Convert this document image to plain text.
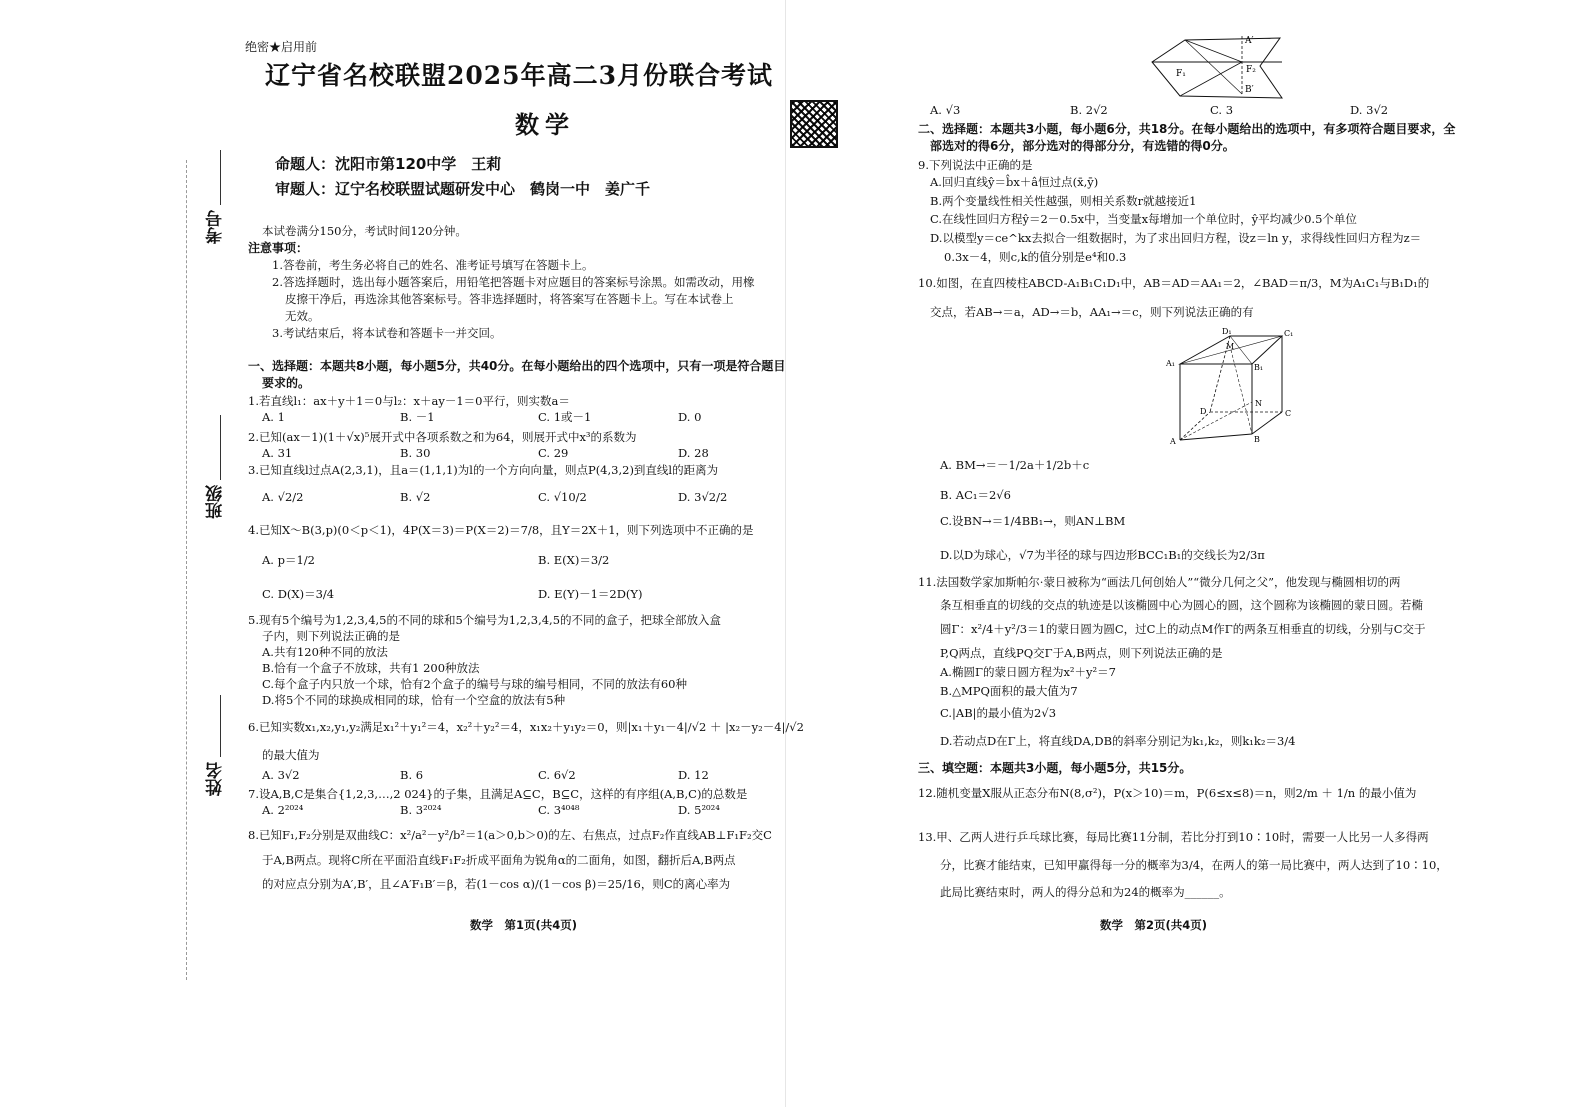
考号
班级
姓名
绝密★启用前
辽宁省名校联盟2025年高二3月份联合考试
数学
命题人：沈阳市第120中学　王莉
审题人：辽宁名校联盟试题研发中心　鹤岗一中　姜广千
本试卷满分150分，考试时间120分钟。
注意事项：
1.答卷前，考生务必将自己的姓名、准考证号填写在答题卡上。
2.答选择题时，选出每小题答案后，用铅笔把答题卡对应题目的答案标号涂黑。如需改动，用橡
皮擦干净后，再选涂其他答案标号。答非选择题时，将答案写在答题卡上。写在本试卷上
无效。
3.考试结束后，将本试卷和答题卡一并交回。
一、选择题：本题共8小题，每小题5分，共40分。在每小题给出的四个选项中，只有一项是符合题目
要求的。
1.若直线l₁：ax＋y＋1＝0与l₂：x＋ay－1＝0平行，则实数a＝
A. 1	B. －1	C. 1或－1	D. 0
2.已知(ax－1)(1＋√x)⁵展开式中各项系数之和为64，则展开式中x³的系数为
A. 31	B. 30	C. 29	D. 28
3.已知直线l过点A(2,3,1)，且a＝(1,1,1)为l的一个方向向量，则点P(4,3,2)到直线l的距离为
A. √2/2	B. √2	C. √10/2	D. 3√2/2
4.已知X～B(3,p)(0＜p＜1)，4P(X＝3)＝P(X＝2)＝7/8，且Y＝2X＋1，则下列选项中不正确的是
A. p＝1/2	B. E(X)＝3/2
C. D(X)＝3/4	D. E(Y)－1＝2D(Y)
5.现有5个编号为1,2,3,4,5的不同的球和5个编号为1,2,3,4,5的不同的盒子，把球全部放入盒
子内，则下列说法正确的是
A.共有120种不同的放法
B.恰有一个盒子不放球，共有1 200种放法
C.每个盒子内只放一个球，恰有2个盒子的编号与球的编号相同，不同的放法有60种
D.将5个不同的球换成相同的球，恰有一个空盒的放法有5种
6.已知实数x₁,x₂,y₁,y₂满足x₁²＋y₁²＝4，x₂²＋y₂²＝4，x₁x₂＋y₁y₂＝0，则|x₁＋y₁－4|/√2 ＋ |x₂－y₂－4|/√2
的最大值为
A. 3√2	B. 6	C. 6√2	D. 12
7.设A,B,C是集合{1,2,3,…,2 024}的子集，且满足A⊆C，B⊆C，这样的有序组(A,B,C)的总数是
A. 2²⁰²⁴	B. 3²⁰²⁴	C. 3⁴⁰⁴⁸	D. 5²⁰²⁴
8.已知F₁,F₂分别是双曲线C：x²/a²－y²/b²＝1(a＞0,b＞0)的左、右焦点，过点F₂作直线AB⊥F₁F₂交C
于A,B两点。现将C所在平面沿直线F₁F₂折成平面角为锐角α的二面角，如图，翻折后A,B两点
的对应点分别为A′,B′，且∠A′F₁B′＝β，若(1－cos α)/(1－cos β)＝25/16，则C的离心率为
数学　第1页(共4页)
F₁	F₂
A′
B′
A. √3	B. 2√2	C. 3	D. 3√2
二、选择题：本题共3小题，每小题6分，共18分。在每小题给出的选项中，有多项符合题目要求，全
部选对的得6分，部分选对的得部分分，有选错的得0分。
9.下列说法中正确的是
A.回归直线ŷ＝b̂x＋â恒过点(x̄,ȳ)
B.两个变量线性相关性越强，则相关系数r就越接近1
C.在线性回归方程ŷ＝2－0.5x中，当变量x每增加一个单位时，ŷ平均减少0.5个单位
D.以模型y＝ce^kx去拟合一组数据时，为了求出回归方程，设z＝ln y，求得线性回归方程为z＝
0.3x－4，则c,k的值分别是e⁴和0.3
10.如图，在直四棱柱ABCD-A₁B₁C₁D₁中，AB＝AD＝AA₁＝2，∠BAD＝π/3，M为A₁C₁与B₁D₁的
交点，若AB→＝a，AD→＝b，AA₁→＝c，则下列说法正确的有
D₁	C₁
A₁	B₁
M
D	C
A	B
N
A. BM→＝－1/2a＋1/2b＋c
B. AC₁＝2√6
C.设BN→＝1/4BB₁→，则AN⊥BM
D.以D为球心，√7为半径的球与四边形BCC₁B₁的交线长为2/3π
11.法国数学家加斯帕尔·蒙日被称为“画法几何创始人”“微分几何之父”，他发现与椭圆相切的两
条互相垂直的切线的交点的轨迹是以该椭圆中心为圆心的圆，这个圆称为该椭圆的蒙日圆。若椭
圆Γ：x²/4＋y²/3＝1的蒙日圆为圆C，过C上的动点M作Γ的两条互相垂直的切线，分别与C交于
P,Q两点，直线PQ交Γ于A,B两点，则下列说法正确的是
A.椭圆Γ的蒙日圆方程为x²＋y²＝7
B.△MPQ面积的最大值为7
C.|AB|的最小值为2√3
D.若动点D在Γ上，将直线DA,DB的斜率分别记为k₁,k₂，则k₁k₂＝3/4
三、填空题：本题共3小题，每小题5分，共15分。
12.随机变量X服从正态分布N(8,σ²)，P(x＞10)＝m，P(6≤x≤8)＝n，则2/m ＋ 1/n 的最小值为
13.甲、乙两人进行乒乓球比赛，每局比赛11分制，若比分打到10∶10时，需要一人比另一人多得两
分，比赛才能结束，已知甲赢得每一分的概率为3/4，在两人的第一局比赛中，两人达到了10∶10，
此局比赛结束时，两人的得分总和为24的概率为______。
数学　第2页(共4页)
